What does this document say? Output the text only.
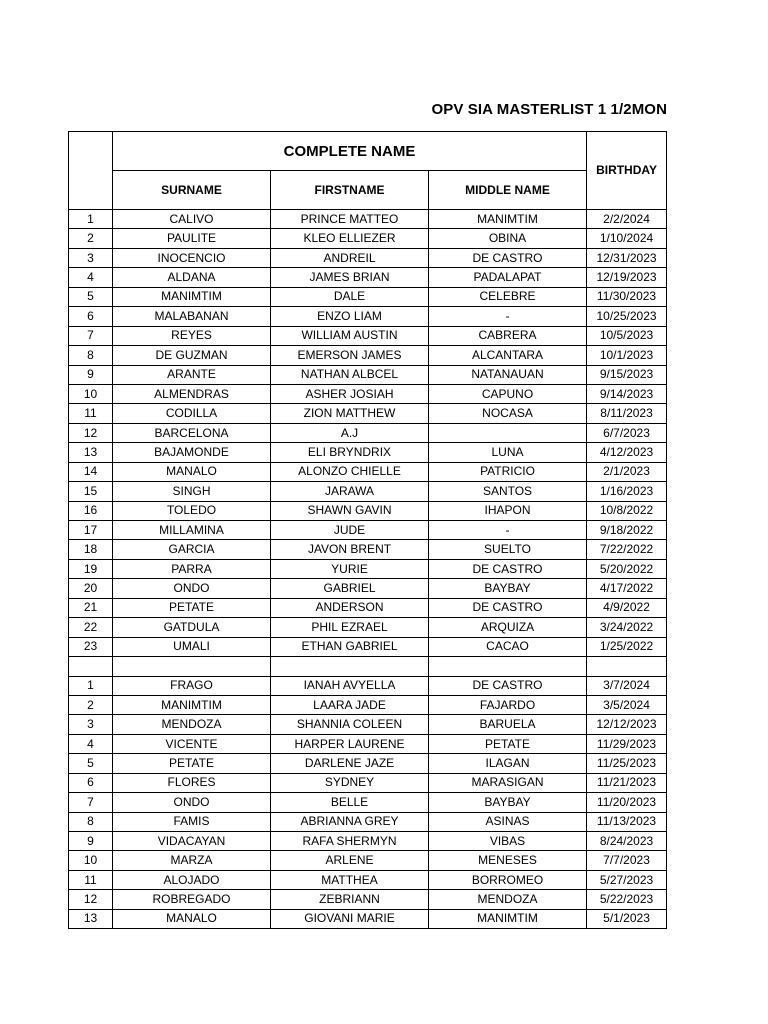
OPV SIA MASTERLIST 1 1/2MON
	COMPLETE NAME			BIRTHDAY
	SURNAME	FIRSTNAME	MIDDLE NAME	
1	CALIVO	PRINCE MATTEO	MANIMTIM	2/2/2024
2	PAULITE	KLEO ELLIEZER	OBINA	1/10/2024
3	INOCENCIO	ANDREIL	DE CASTRO	12/31/2023
4	ALDANA	JAMES BRIAN	PADALAPAT	12/19/2023
5	MANIMTIM	DALE	CELEBRE	11/30/2023
6	MALABANAN	ENZO LIAM	-	10/25/2023
7	REYES	WILLIAM AUSTIN	CABRERA	10/5/2023
8	DE GUZMAN	EMERSON JAMES	ALCANTARA	10/1/2023
9	ARANTE	NATHAN ALBCEL	NATANAUAN	9/15/2023
10	ALMENDRAS	ASHER JOSIAH	CAPUNO	9/14/2023
11	CODILLA	ZION MATTHEW	NOCASA	8/11/2023
12	BARCELONA	A.J		6/7/2023
13	BAJAMONDE	ELI BRYNDRIX	LUNA	4/12/2023
14	MANALO	ALONZO CHIELLE	PATRICIO	2/1/2023
15	SINGH	JARAWA	SANTOS	1/16/2023
16	TOLEDO	SHAWN GAVIN	IHAPON	10/8/2022
17	MILLAMINA	JUDE	-	9/18/2022
18	GARCIA	JAVON BRENT	SUELTO	7/22/2022
19	PARRA	YURIE	DE CASTRO	5/20/2022
20	ONDO	GABRIEL	BAYBAY	4/17/2022
21	PETATE	ANDERSON	DE CASTRO	4/9/2022
22	GATDULA	PHIL EZRAEL	ARQUIZA	3/24/2022
23	UMALI	ETHAN GABRIEL	CACAO	1/25/2022

1	FRAGO	IANAH AVYELLA	DE CASTRO	3/7/2024
2	MANIMTIM	LAARA JADE	FAJARDO	3/5/2024
3	MENDOZA	SHANNIA COLEEN	BARUELA	12/12/2023
4	VICENTE	HARPER LAURENE	PETATE	11/29/2023
5	PETATE	DARLENE JAZE	ILAGAN	11/25/2023
6	FLORES	SYDNEY	MARASIGAN	11/21/2023
7	ONDO	BELLE	BAYBAY	11/20/2023
8	FAMIS	ABRIANNA GREY	ASINAS	11/13/2023
9	VIDACAYAN	RAFA SHERMYN	VIBAS	8/24/2023
10	MARZA	ARLENE	MENESES	7/7/2023
11	ALOJADO	MATTHEA	BORROMEO	5/27/2023
12	ROBREGADO	ZEBRIANN	MENDOZA	5/22/2023
13	MANALO	GIOVANI MARIE	MANIMTIM	5/1/2023
